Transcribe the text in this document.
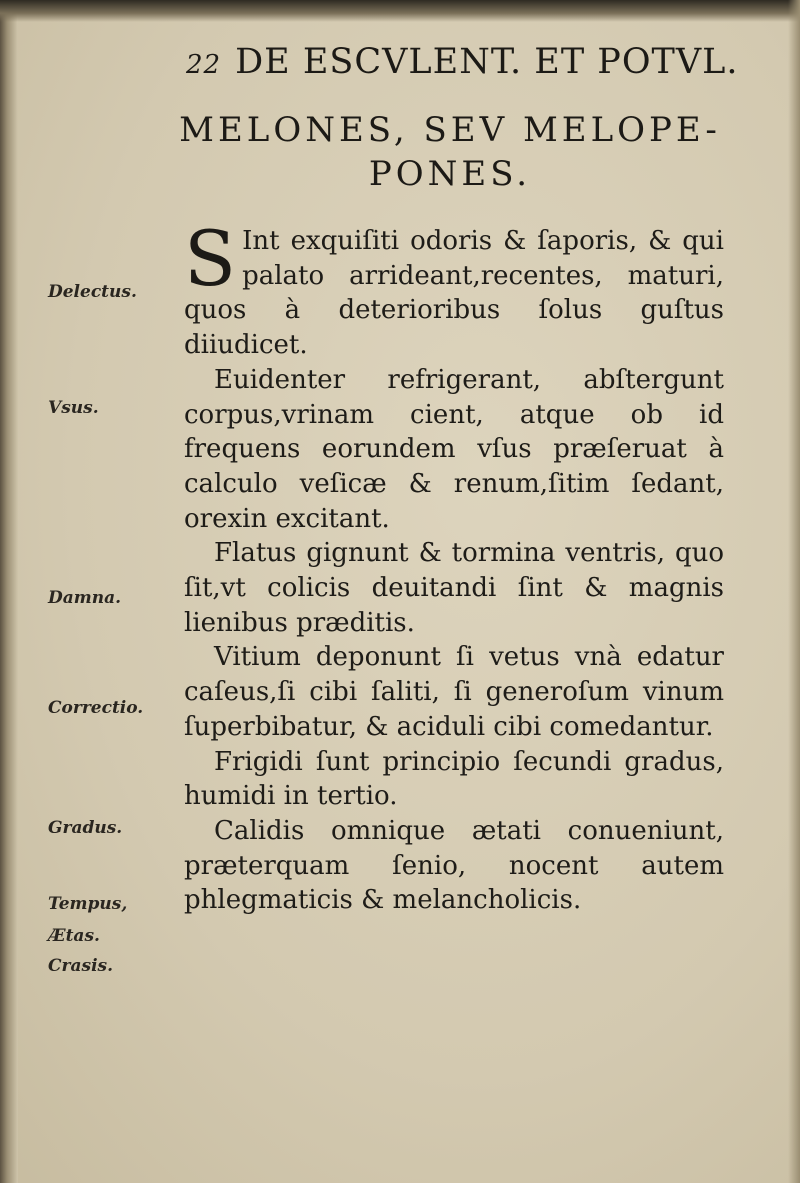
22 DE ESCVLENT. ET POTVL.
MELONES, SEV MELOPE-
PONES.
Delectus.
Vsus.
Damna.
Correctio.
Gradus.
Tempus,
Ætas.
Crasis.

S Int exquiſiti odoris & ſaporis, & qui palato arrideant,recentes, maturi, quos à deterioribus ſolus guſtus diiudicet.

Euidenter refrigerant, abſtergunt corpus,vrinam cient, atque ob id frequens eorundem vſus præſeruat à calculo veſicæ & renum,ſitim ſedant, orexin excitant.

Flatus gignunt & tormina ventris, quo ſit,vt colicis deuitandi ſint & magnis lienibus præditis.

Vitium deponunt ſi vetus vnà edatur caſeus,ſi cibi ſaliti, ſi generoſum vinum ſuperbibatur, & aciduli cibi comedantur.

Frigidi ſunt principio ſecundi gradus, humidi in tertio.

Calidis omnique ætati conueniunt, præterquam ſenio, nocent autem phlegmaticis & melancholicis.
